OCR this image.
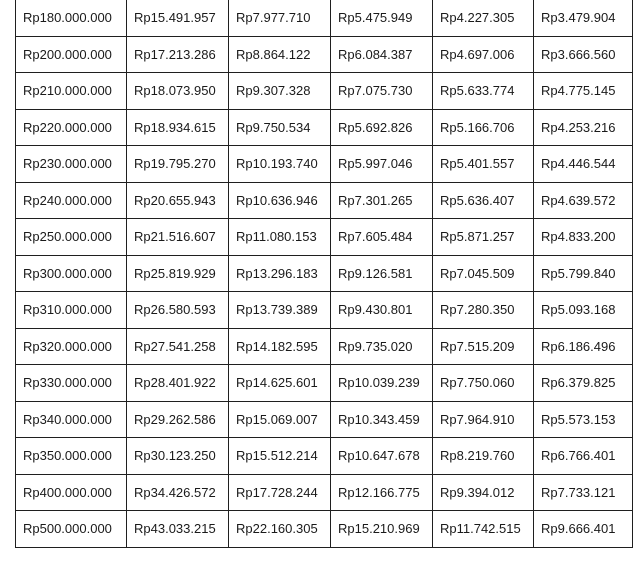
Rp180.000.000	Rp15.491.957	Rp7.977.710	Rp5.475.949	Rp4.227.305	Rp3.479.904
Rp200.000.000	Rp17.213.286	Rp8.864.122	Rp6.084.387	Rp4.697.006	Rp3.666.560
Rp210.000.000	Rp18.073.950	Rp9.307.328	Rp7.075.730	Rp5.633.774	Rp4.775.145
Rp220.000.000	Rp18.934.615	Rp9.750.534	Rp5.692.826	Rp5.166.706	Rp4.253.216
Rp230.000.000	Rp19.795.270	Rp10.193.740	Rp5.997.046	Rp5.401.557	Rp4.446.544
Rp240.000.000	Rp20.655.943	Rp10.636.946	Rp7.301.265	Rp5.636.407	Rp4.639.572
Rp250.000.000	Rp21.516.607	Rp11.080.153	Rp7.605.484	Rp5.871.257	Rp4.833.200
Rp300.000.000	Rp25.819.929	Rp13.296.183	Rp9.126.581	Rp7.045.509	Rp5.799.840
Rp310.000.000	Rp26.580.593	Rp13.739.389	Rp9.430.801	Rp7.280.350	Rp5.093.168
Rp320.000.000	Rp27.541.258	Rp14.182.595	Rp9.735.020	Rp7.515.209	Rp6.186.496
Rp330.000.000	Rp28.401.922	Rp14.625.601	Rp10.039.239	Rp7.750.060	Rp6.379.825
Rp340.000.000	Rp29.262.586	Rp15.069.007	Rp10.343.459	Rp7.964.910	Rp5.573.153
Rp350.000.000	Rp30.123.250	Rp15.512.214	Rp10.647.678	Rp8.219.760	Rp6.766.401
Rp400.000.000	Rp34.426.572	Rp17.728.244	Rp12.166.775	Rp9.394.012	Rp7.733.121
Rp500.000.000	Rp43.033.215	Rp22.160.305	Rp15.210.969	Rp11.742.515	Rp9.666.401
